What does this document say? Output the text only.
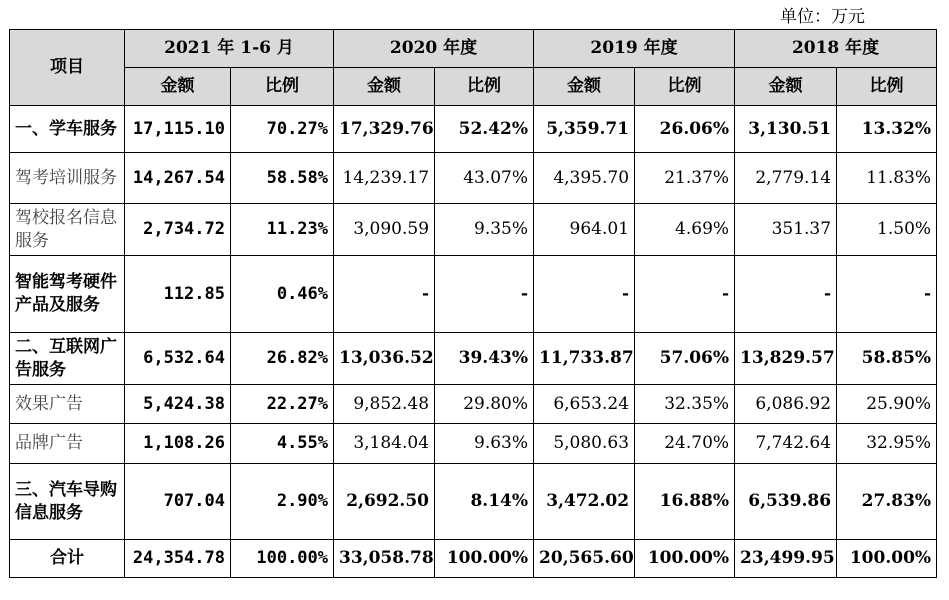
单位：万元
项目	2021 年 1-6 月		2020 年度		2019 年度		2018 年度	
	金额	比例	金额	比例	金额	比例	金额	比例
一、学车服务	17,115.10	70.27%	17,329.76	52.42%	5,359.71	26.06%	3,130.51	13.32%
驾考培训服务	14,267.54	58.58%	14,239.17	43.07%	4,395.70	21.37%	2,779.14	11.83%
驾校报名信息服务	2,734.72	11.23%	3,090.59	9.35%	964.01	4.69%	351.37	1.50%
智能驾考硬件产品及服务	112.85	0.46%	-	-	-	-	-	-
二、互联网广告服务	6,532.64	26.82%	13,036.52	39.43%	11,733.87	57.06%	13,829.57	58.85%
效果广告	5,424.38	22.27%	9,852.48	29.80%	6,653.24	32.35%	6,086.92	25.90%
品牌广告	1,108.26	4.55%	3,184.04	9.63%	5,080.63	24.70%	7,742.64	32.95%
三、汽车导购信息服务	707.04	2.90%	2,692.50	8.14%	3,472.02	16.88%	6,539.86	27.83%
合计	24,354.78	100.00%	33,058.78	100.00%	20,565.60	100.00%	23,499.95	100.00%
